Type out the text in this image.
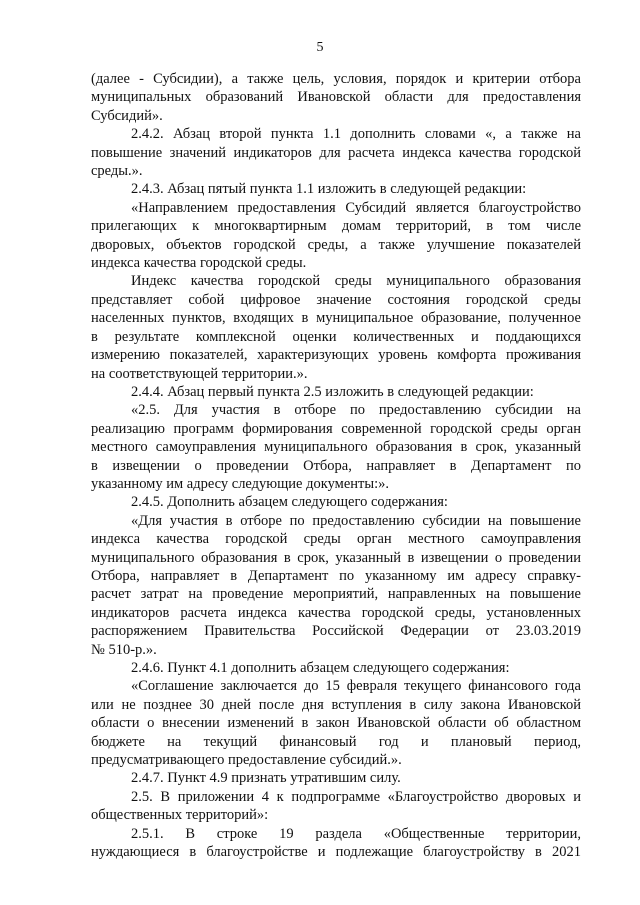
5
(далее - Субсидии), а также цель, условия, порядок и критерии отбора
муниципальных образований Ивановской области для предоставления
Субсидий».
2.4.2. Абзац второй пункта 1.1 дополнить словами «, а также на
повышение значений индикаторов для расчета индекса качества городской
среды.».
2.4.3. Абзац пятый пункта 1.1 изложить в следующей редакции:
«Направлением предоставления Субсидий является благоустройство
прилегающих к многоквартирным домам территорий, в том числе
дворовых, объектов городской среды, а также улучшение показателей
индекса качества городской среды.
Индекс качества городской среды муниципального образования
представляет собой цифровое значение состояния городской среды
населенных пунктов, входящих в муниципальное образование, полученное
в результате комплексной оценки количественных и поддающихся
измерению показателей, характеризующих уровень комфорта проживания
на соответствующей территории.».
2.4.4. Абзац первый пункта 2.5 изложить в следующей редакции:
«2.5. Для участия в отборе по предоставлению субсидии на
реализацию программ формирования современной городской среды орган
местного самоуправления муниципального образования в срок, указанный
в извещении о проведении Отбора, направляет в Департамент по
указанному им адресу следующие документы:».
2.4.5. Дополнить абзацем следующего содержания:
«Для участия в отборе по предоставлению субсидии на повышение
индекса качества городской среды орган местного самоуправления
муниципального образования в срок, указанный в извещении о проведении
Отбора, направляет в Департамент по указанному им адресу справку-
расчет затрат на проведение мероприятий, направленных на повышение
индикаторов расчета индекса качества городской среды, установленных
распоряжением Правительства Российской Федерации от 23.03.2019
№ 510-р.».
2.4.6. Пункт 4.1 дополнить абзацем следующего содержания:
«Соглашение заключается до 15 февраля текущего финансового года
или не позднее 30 дней после дня вступления в силу закона Ивановской
области о внесении изменений в закон Ивановской области об областном
бюджете на текущий финансовый год и плановый период,
предусматривающего предоставление субсидий.».
2.4.7. Пункт 4.9 признать утратившим силу.
2.5. В приложении 4 к подпрограмме «Благоустройство дворовых и
общественных территорий»:
2.5.1. В строке 19 раздела «Общественные территории,
нуждающиеся в благоустройстве и подлежащие благоустройству в 2021
